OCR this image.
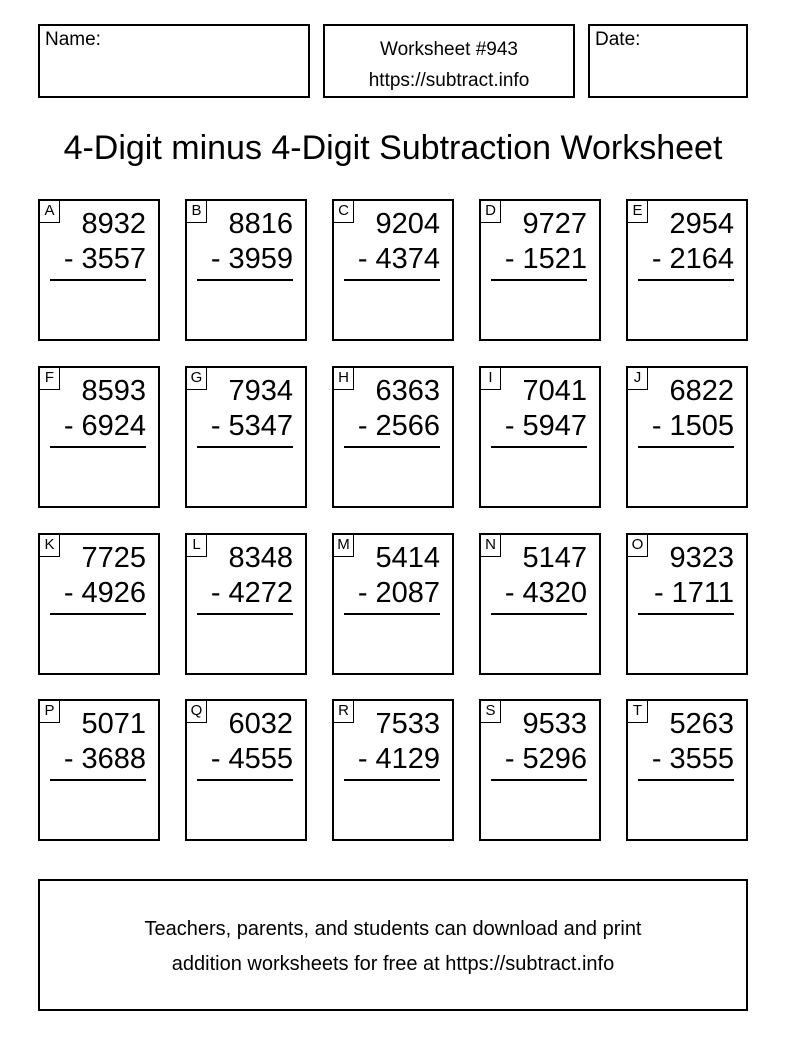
Name:	Worksheet #943
https://subtract.info
Date:
4-Digit minus 4-Digit Subtraction Worksheet
A 8932
- 3557
B 8816
- 3959
C 9204
- 4374
D 9727
- 1521
E 2954
- 2164
F 8593
- 6924
G 7934
- 5347
H 6363
- 2566
I 7041
- 5947
J 6822
- 1505
K 7725
- 4926
L 8348
- 4272
M 5414
- 2087
N 5147
- 4320
O 9323
- 1711
P 5071
- 3688
Q 6032
- 4555
R 7533
- 4129
S 9533
- 5296
T 5263
- 3555
Teachers, parents, and students can download and print
addition worksheets for free at https://subtract.info
